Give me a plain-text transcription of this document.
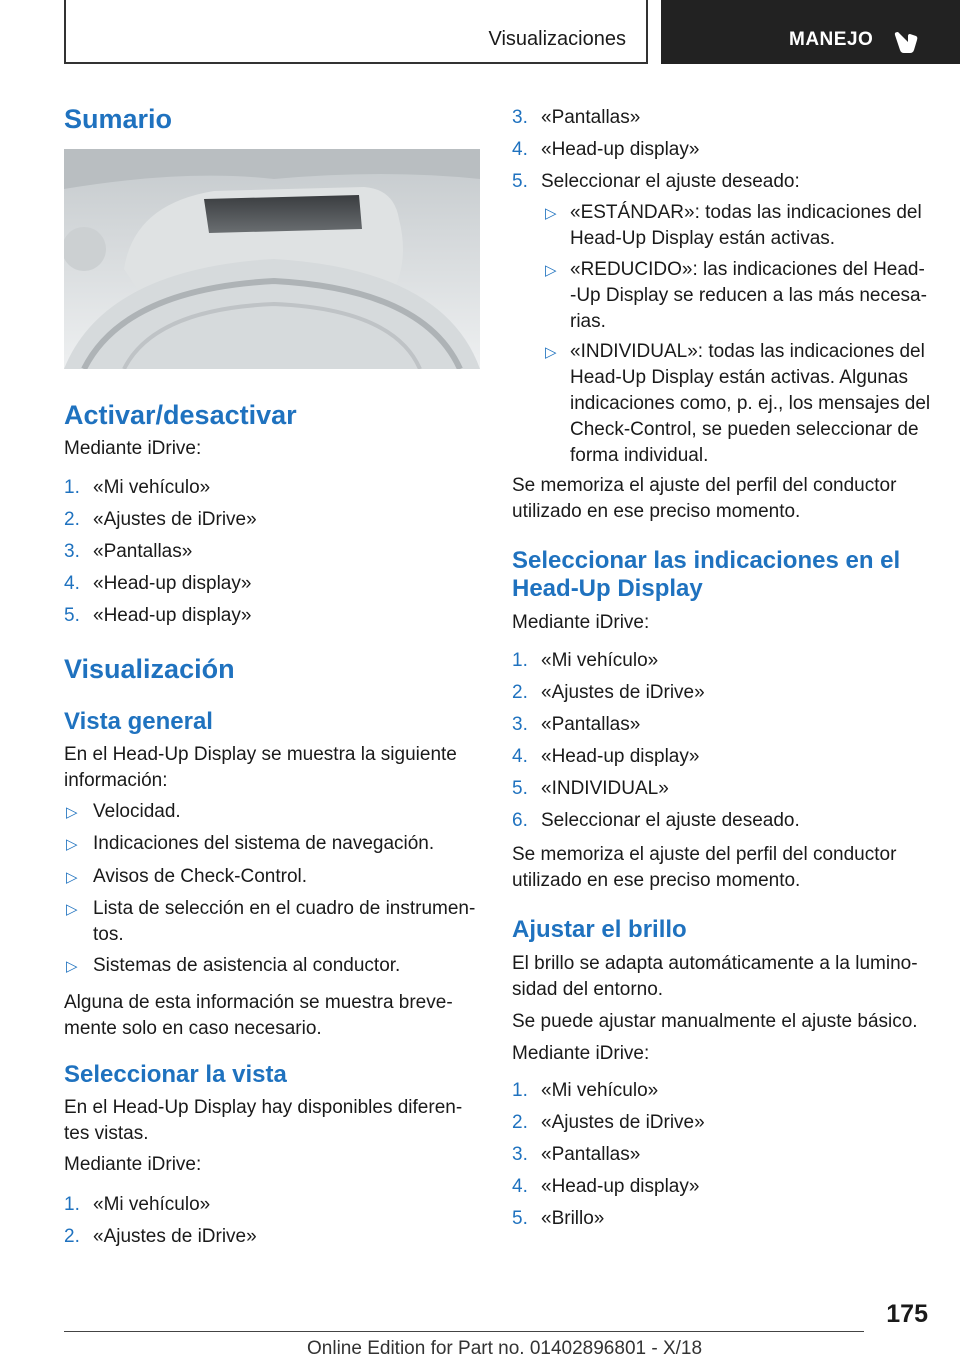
Visualizaciones	MANEJO
Sumario
Activar/desactivar

Mediante iDrive:

1. «Mi vehículo»
2. «Ajustes de iDrive»
3. «Pantallas»
4. «Head-up display»
5. «Head-up display»
Visualización
Vista general

En el Head-Up Display se muestra la siguiente

información:

▷ Velocidad.
▷ Indicaciones del sistema de navegación.
▷ Avisos de Check-Control.
▷ Lista de selección en el cuadro de instrumen-
tos.
▷ Sistemas de asistencia al conductor.

Alguna de esta información se muestra breve-

mente solo en caso necesario.

Seleccionar la vista

En el Head-Up Display hay disponibles diferen-

tes vistas.

Mediante iDrive:

1. «Mi vehículo»
2. «Ajustes de iDrive»
3. «Pantallas»
4. «Head-up display»
5. Seleccionar el ajuste deseado:
▷ «ESTÁNDAR»: todas las indicaciones del
Head-Up Display están activas.
▷ «REDUCIDO»: las indicaciones del Head-
-Up Display se reducen a las más necesa-
rias.
▷ «INDIVIDUAL»: todas las indicaciones del
Head-Up Display están activas. Algunas
indicaciones como, p. ej., los mensajes del
Check-Control, se pueden seleccionar de
forma individual.

Se memoriza el ajuste del perfil del conductor

utilizado en ese preciso momento.

Seleccionar las indicaciones en el
Head-Up Display

Mediante iDrive:

1. «Mi vehículo»
2. «Ajustes de iDrive»
3. «Pantallas»
4. «Head-up display»
5. «INDIVIDUAL»
6. Seleccionar el ajuste deseado.

Se memoriza el ajuste del perfil del conductor

utilizado en ese preciso momento.

Ajustar el brillo

El brillo se adapta automáticamente a la lumino-

sidad del entorno.

Se puede ajustar manualmente el ajuste básico.

Mediante iDrive:

1. «Mi vehículo»
2. «Ajustes de iDrive»
3. «Pantallas»
4. «Head-up display»
5. «Brillo»
175
Online Edition for Part no. 01402896801 - X/18
